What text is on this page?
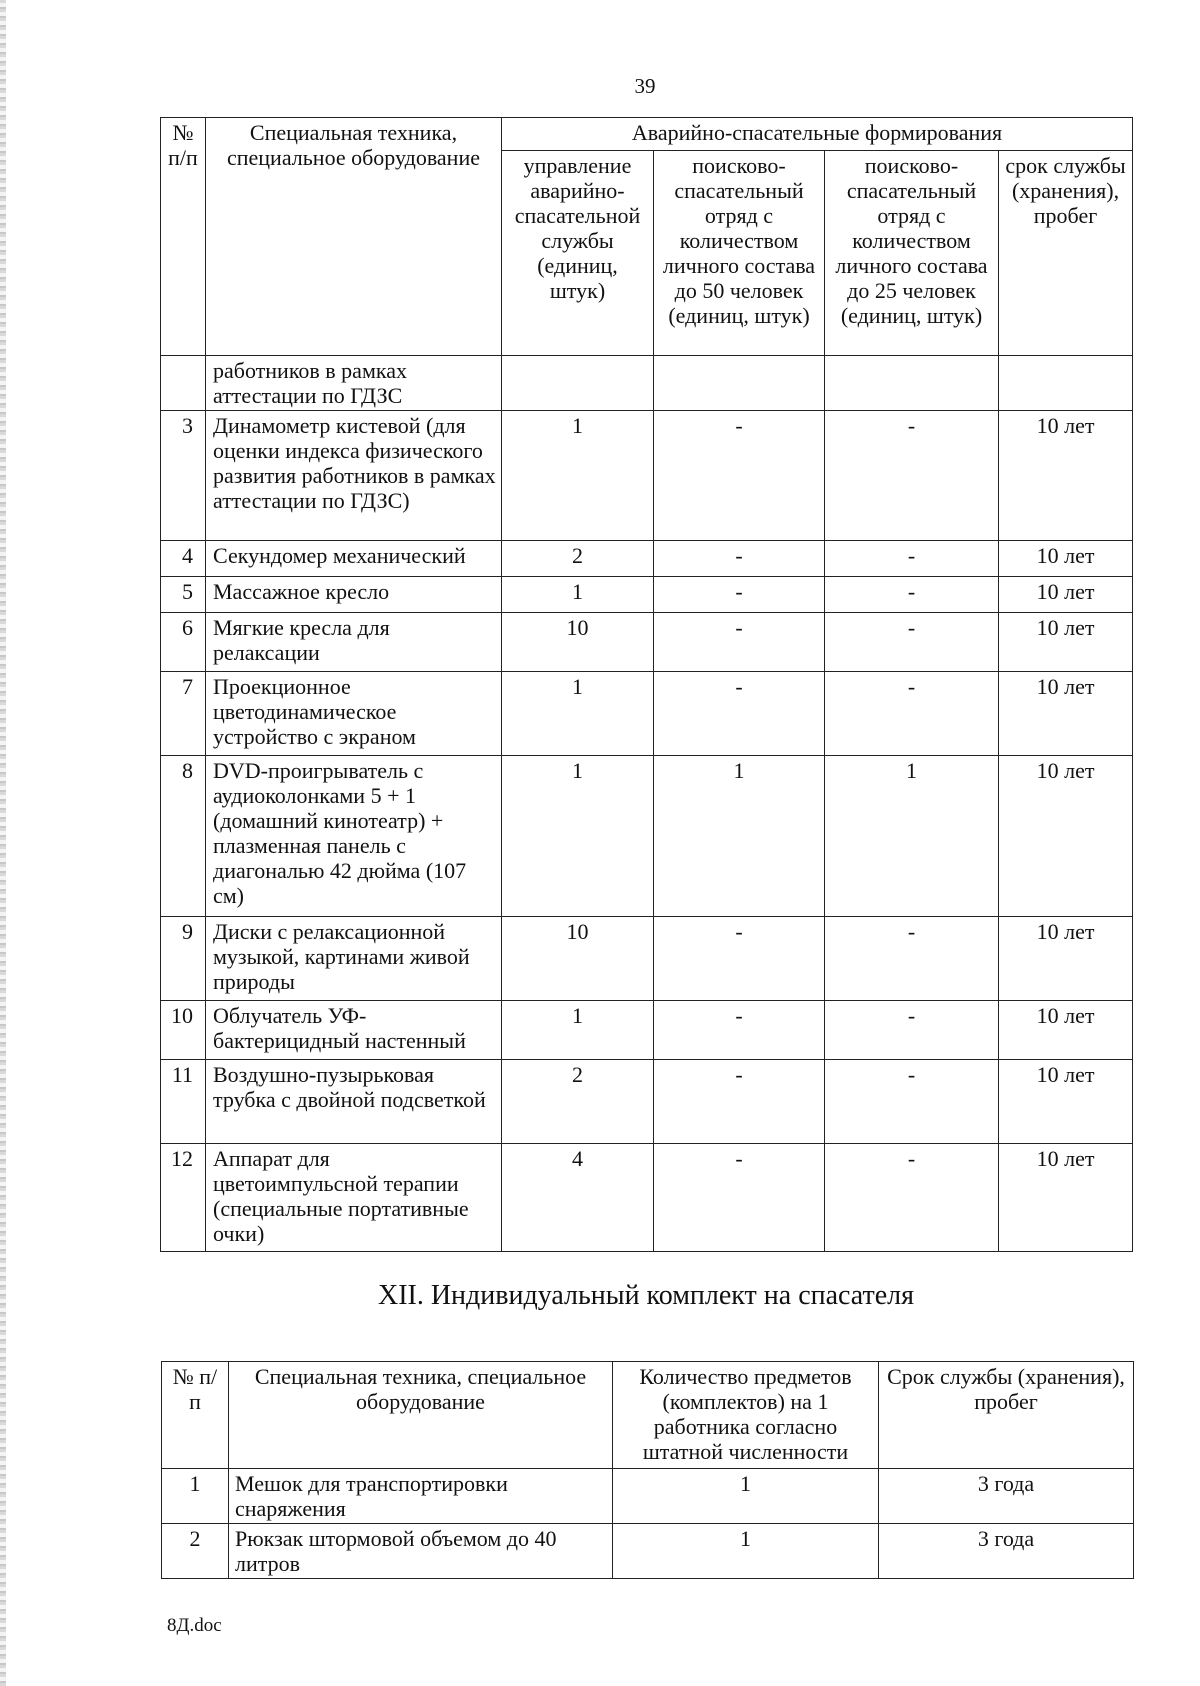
39
№ п/п	Специальная техника, специальное оборудование	Аварийно-спасательные формирования			
		управление аварийно-спасательной службы (единиц, штук)	поисково-спасательный отряд с количеством личного состава до 50 человек (единиц, штук)	поисково-спасательный отряд с количеством личного состава до 25 человек (единиц, штук)	срок службы (хранения), пробег
	работников в рамках аттестации по ГДЗС				
3	Динамометр кистевой (для оценки индекса физического развития работников в рамках аттестации по ГДЗС)	1	-	-	10 лет
4	Секундомер механический	2	-	-	10 лет
5	Массажное кресло	1	-	-	10 лет
6	Мягкие кресла для релаксации	10	-	-	10 лет
7	Проекционное цветодинамическое устройство с экраном	1	-	-	10 лет
8	DVD-проигрыватель с аудиоколонками 5 + 1 (домашний кинотеатр) + плазменная панель с диагональю 42 дюйма (107 см)	1	1	1	10 лет
9	Диски с релаксационной музыкой, картинами живой природы	10	-	-	10 лет
10	Облучатель УФ-бактерицидный настенный	1	-	-	10 лет
11	Воздушно-пузырьковая трубка с двойной подсветкой	2	-	-	10 лет
12	Аппарат для цветоимпульсной терапии (специальные портативные очки)	4	-	-	10 лет
XII. Индивидуальный комплект на спасателя
№ п/п	Специальная техника, специальное оборудование	Количество предметов (комплектов) на 1 работника согласно штатной численности	Срок службы (хранения), пробег
1	Мешок для транспортировки снаряжения	1	3 года
2	Рюкзак штормовой объемом до 40 литров	1	3 года
8Д.doc
